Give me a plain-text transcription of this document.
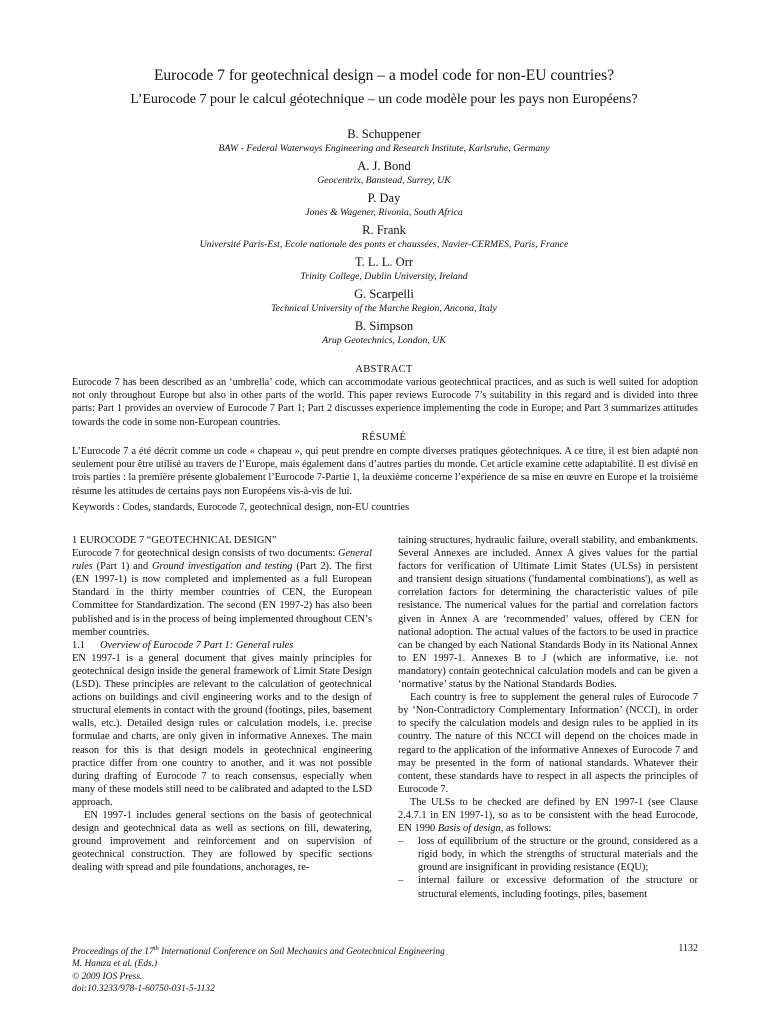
Eurocode 7 for geotechnical design – a model code for non-EU countries?
L’Eurocode 7 pour le calcul géotechnique – un code modèle pour les pays non Européens?
B. Schuppener
BAW - Federal Waterways Engineering and Research Institute, Karlsruhe, Germany
A. J. Bond
Geocentrix, Banstead, Surrey, UK
P. Day
Jones & Wagener, Rivonia, South Africa
R. Frank
Université Paris-Est, Ecole nationale des ponts et chaussées, Navier-CERMES, Paris, France
T. L. L. Orr
Trinity College, Dublin University, Ireland
G. Scarpelli
Technical University of the Marche Region, Ancona, Italy
B. Simpson
Arup Geotechnics, London, UK
ABSTRACT
Eurocode 7 has been described as an ‘umbrella’ code, which can accommodate various geotechnical practices, and as such is well suited for adoption not only throughout Europe but also in other parts of the world. This paper reviews Eurocode 7’s suitability in this regard and is divided into three parts: Part 1 provides an overview of Eurocode 7 Part 1; Part 2 discusses experience implementing the code in Europe; and Part 3 summarizes attitudes towards the code in some non-European countries.
RÉSUMÉ
L’Eurocode 7 a été décrit comme un code « chapeau », qui peut prendre en compte diverses pratiques géotechniques. A ce titre, il est bien adapté non seulement pour être utilisé au travers de l’Europe, mais également dans d’autres parties du monde. Cet article examine cette adaptabilité. Il est divisé en trois parties : la première présente globalement l’Eurocode 7-Partie 1, la deuxième concerne l’expérience de sa mise en œuvre en Europe et la troisième résume les attitudes de certains pays non Européens vis-à-vis de lui.
Keywords : Codes, standards, Eurocode 7, geotechnical design, non-EU countries

1 EUROCODE 7 “GEOTECHNICAL DESIGN”

Eurocode 7 for geotechnical design consists of two documents: General rules (Part 1) and Ground investigation and testing (Part 2). The first (EN 1997-1) is now completed and implemented as a full European Standard in the thirty member countries of CEN, the European Committee for Standardization. The second (EN 1997-2) has also been published and is in the process of being implemented throughout CEN’s member countries.

1.1 Overview of Eurocode 7 Part 1: General rules

EN 1997-1 is a general document that gives mainly principles for geotechnical design inside the general framework of Limit State Design (LSD). These principles are relevant to the calculation of geotechnical actions on buildings and civil engineering works and to the design of structural elements in contact with the ground (footings, piles, basement walls, etc.). Detailed design rules or calculation models, i.e. precise formulae and charts, are only given in informative Annexes. The main reason for this is that design models in geotechnical engineering practice differ from one country to another, and it was not possible during drafting of Eurocode 7 to reach consensus, especially when many of these models still need to be calibrated and adapted to the LSD approach.

EN 1997-1 includes general sections on the basis of geotechnical design and geotechnical data as well as sections on fill, dewatering, ground improvement and reinforcement and on supervision of geotechnical construction. They are followed by specific sections dealing with spread and pile foundations, anchorages, re-

taining structures, hydraulic failure, overall stability, and embankments. Several Annexes are included. Annex A gives values for the partial factors for verification of Ultimate Limit States (ULSs) in persistent and transient design situations ('fundamental combinations'), as well as correlation factors for determining the characteristic values of pile resistance. The numerical values for the partial and correlation factors given in Annex A are ‘recommended’ values, offered by CEN for national adoption. The actual values of the factors to be used in practice can be changed by each National Standards Body in its National Annex to EN 1997-1. Annexes B to J (which are informative, i.e. not mandatory) contain geotechnical calculation models and can be given a ‘normative’ status by the National Standards Bodies.

Each country is free to supplement the general rules of Eurocode 7 by ‘Non-Contradictory Complementary Information’ (NCCI), in order to specify the calculation models and design rules to be applied in its country. The nature of this NCCI will depend on the choices made in regard to the application of the informative Annexes of Eurocode 7 and may be presented in the form of national standards. Whatever their content, these standards have to respect in all aspects the principles of Eurocode 7.

The ULSs to be checked are defined by EN 1997-1 (see Clause 2.4.7.1 in EN 1997-1), so as to be consistent with the head Eurocode, EN 1990 Basis of design, as follows:

– loss of equilibrium of the structure or the ground, considered as a rigid body, in which the strengths of structural materials and the ground are insignificant in providing resistance (EQU);
– internal failure or excessive deformation of the structure or structural elements, including footings, piles, basement
Proceedings of the 17th International Conference on Soil Mechanics and Geotechnical Engineering
M. Hamza et al. (Eds.)
© 2009 IOS Press.
doi:10.3233/978-1-60750-031-5-1132
1132
